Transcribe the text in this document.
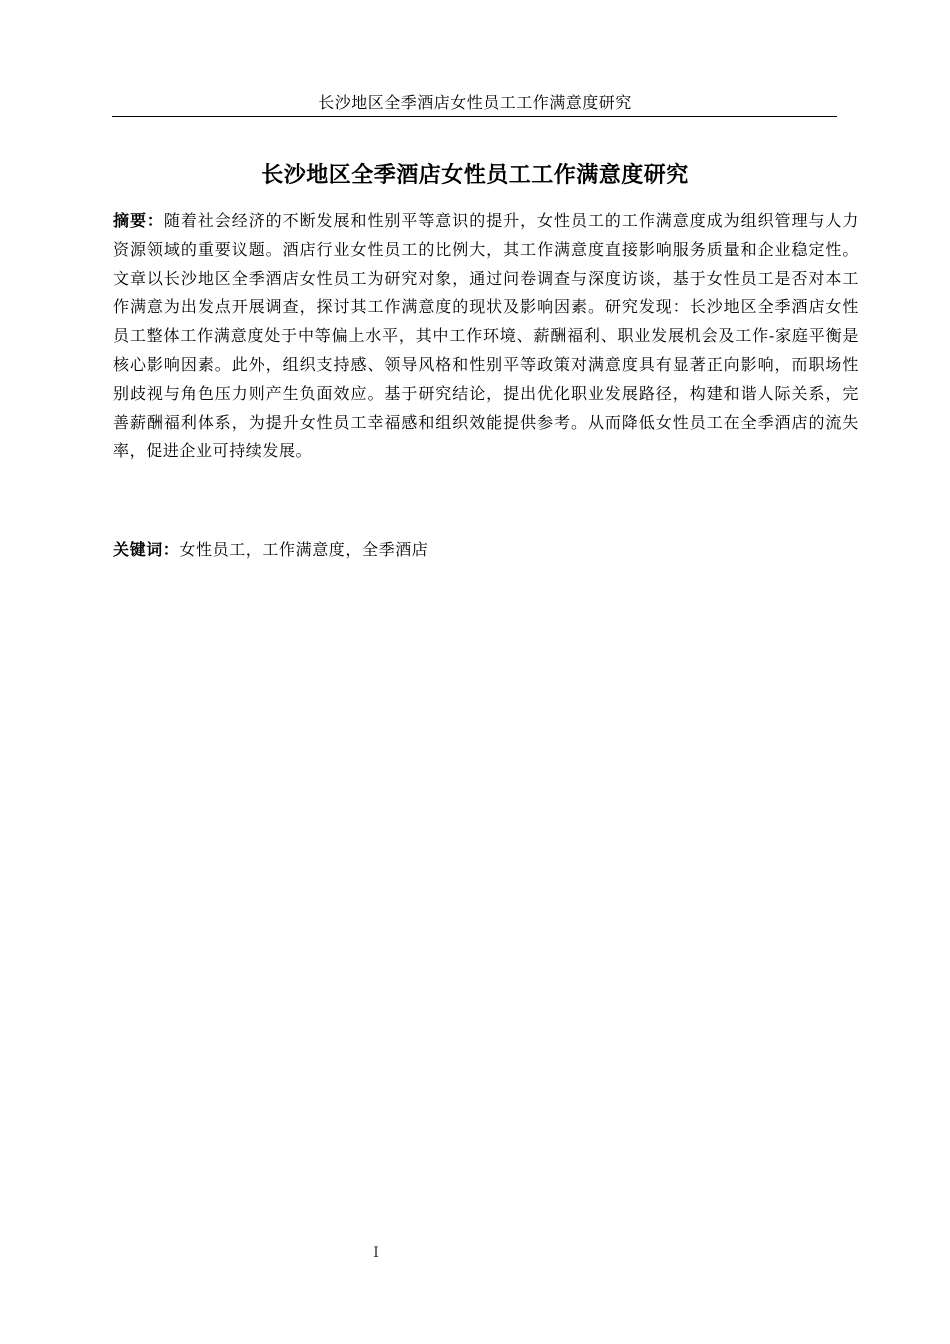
长沙地区全季酒店女性员工工作满意度研究
长沙地区全季酒店女性员工工作满意度研究

摘要：随着社会经济的不断发展和性别平等意识的提升，女性员工的工作满意度成为组织管理与人力资源领域的重要议题。酒店行业女性员工的比例大，其工作满意度直接影响服务质量和企业稳定性。文章以长沙地区全季酒店女性员工为研究对象，通过问卷调查与深度访谈，基于女性员工是否对本工作满意为出发点开展调查，探讨其工作满意度的现状及影响因素。研究发现：长沙地区全季酒店女性员工整体工作满意度处于中等偏上水平，其中工作环境、薪酬福利、职业发展机会及工作-家庭平衡是核心影响因素。此外，组织支持感、领导风格和性别平等政策对满意度具有显著正向影响，而职场性别歧视与角色压力则产生负面效应。基于研究结论，提出优化职业发展路径，构建和谐人际关系，完善薪酬福利体系，为提升女性员工幸福感和组织效能提供参考。从而降低女性员工在全季酒店的流失率，促进企业可持续发展。

关键词：女性员工，工作满意度，全季酒店

I
